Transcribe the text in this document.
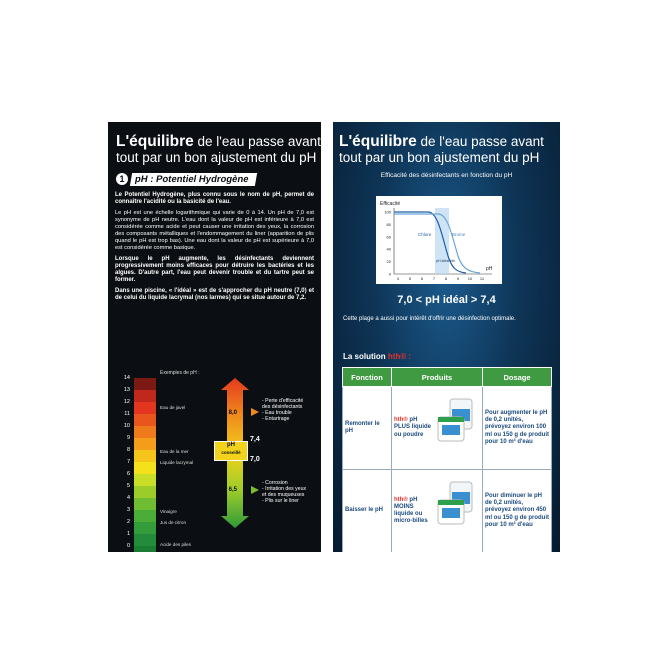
L'équilibre de l'eau passe avant tout par un bon ajustement du pH
1	pH : Potentiel Hydrogène

Le Potentiel Hydrogène, plus connu sous le nom de pH, permet de connaître l'acidité ou la basicité de l'eau.

Le pH est une échelle logarithmique qui varie de 0 à 14. Un pH de 7,0 est synonyme de pH neutre. L'eau dont la valeur de pH est inférieure à 7,0 est considérée comme acide et peut causer une irritation des yeux, la corrosion des composants métalliques et l'endommagement du liner (apparition de plis quand le pH est trop bas). Une eau dont la valeur de pH est supérieure à 7,0 est considérée comme basique.

Lorsque le pH augmente, les désinfectants deviennent progressivement moins efficaces pour détruire les bactéries et les algues. D'autre part, l'eau peut devenir trouble et du tartre peut se former.

Dans une piscine, « l'idéal » est de s'approcher du pH neutre (7,0) et de celui du liquide lacrymal (nos larmes) qui se situe autour de 7,2.

Exemples de pH :
14
13
12
11
10
9
8
7
6
5
4
3
2
1
0
Eau de javel
Eau de la mer
Liquide lacrymal
Vinaigre
Jus de citron
Acide des piles
pH 8,0
pH
conseillé
7,4
7,0
pH 6,5
- Perte d'efficacité
des désinfectants
- Eau trouble
- Entartrage
- Corrosion
- Irritation des yeux
et des muqueuses
- Plis sur le liner
L'équilibre de l'eau passe avant tout par un bon ajustement du pH
Efficacité des désinfectants en fonction du pH
Efficacité
100
80
60
40
20
0
4 5 6 7 8 9 10 11
Chlore	Brome
pH idéal hth
pH
7,0 < pH idéal > 7,4
Cette plage a aussi pour intérêt d'offrir une désinfection optimale.
La solution hth® :
Fonction	Produits	Dosage
Remonter le pH	hth® pH PLUS liquide ou poudre	Pour augmenter le pH de 0,2 unités, prévoyez environ 100 ml ou 150 g de produit pour 10 m³ d'eau
Baisser le pH	hth® pH MOINS liquide ou micro-billes	Pour diminuer le pH de 0,2 unités, prévoyez environ 450 ml ou 150 g de produit pour 10 m³ d'eau
